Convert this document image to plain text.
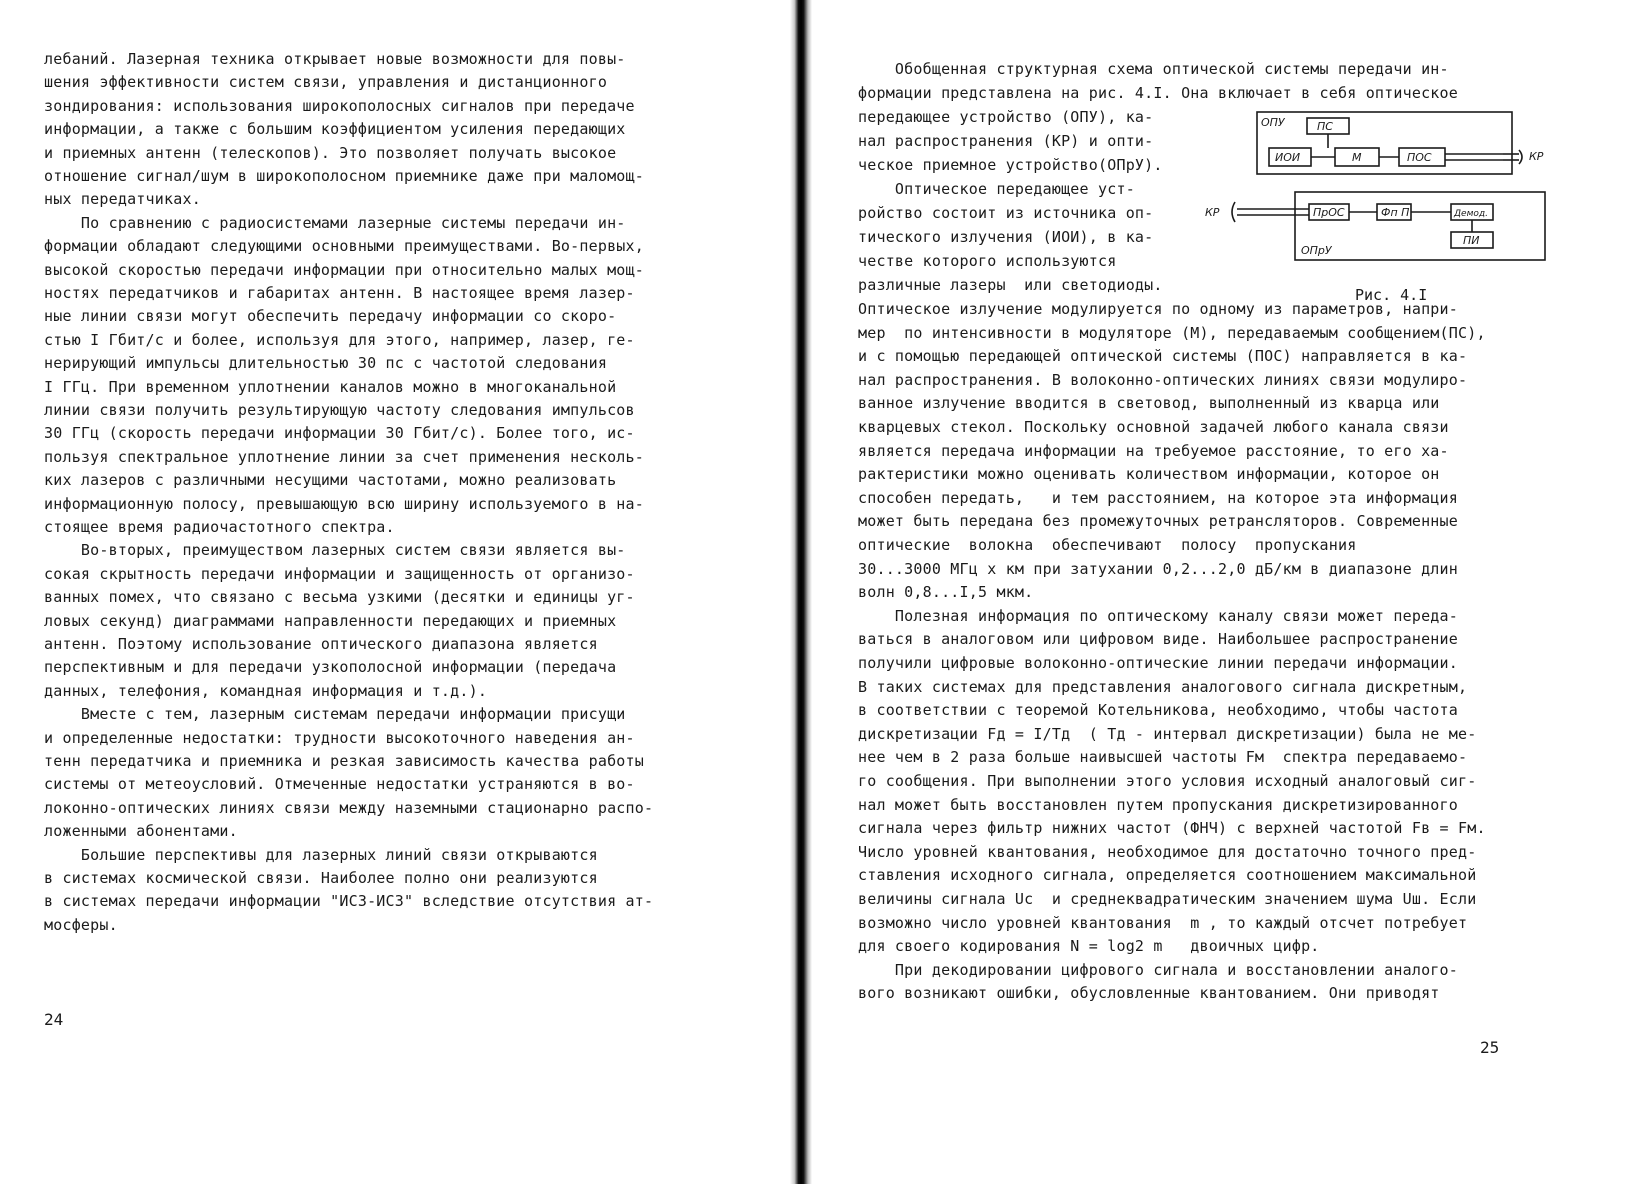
лебаний. Лазерная техника открывает новые возможности для повы-
шения эффективности систем связи, управления и дистанционного
зондирования: использования широкополосных сигналов при передаче
информации, а также с большим коэффициентом усиления передающих
и приемных антенн (телескопов). Это позволяет получать высокое
отношение сигнал/шум в широкополосном приемнике даже при маломощ-
ных передатчиках.
По сравнению с радиосистемами лазерные системы передачи ин-
формации обладают следующими основными преимуществами. Во-первых,
высокой скоростью передачи информации при относительно малых мощ-
ностях передатчиков и габаритах антенн. В настоящее время лазер-
ные линии связи могут обеспечить передачу информации со скоро-
стью I Гбит/с и более, используя для этого, например, лазер, ге-
нерирующий импульсы длительностью 30 пс с частотой следования
I ГГц. При временном уплотнении каналов можно в многоканальной
линии связи получить результирующую частоту следования импульсов
30 ГГц (скорость передачи информации 30 Гбит/с). Более того, ис-
пользуя спектральное уплотнение линии за счет применения несколь-
ких лазеров с различными несущими частотами, можно реализовать
информационную полосу, превышающую всю ширину используемого в на-
стоящее время радиочастотного спектра.
Во-вторых, преимуществом лазерных систем связи является вы-
сокая скрытность передачи информации и защищенность от организо-
ванных помех, что связано с весьма узкими (десятки и единицы уг-
ловых секунд) диаграммами направленности передающих и приемных
антенн. Поэтому использование оптического диапазона является
перспективным и для передачи узкополосной информации (передача
данных, телефония, командная информация и т.д.).
Вместе с тем, лазерным системам передачи информации присущи
и определенные недостатки: трудности высокоточного наведения ан-
тенн передатчика и приемника и резкая зависимость качества работы
системы от метеоусловий. Отмеченные недостатки устраняются в во-
локонно-оптических линиях связи между наземными стационарно распо-
ложенными абонентами.
Большие перспективы для лазерных линий связи открываются
в системах космической связи. Наиболее полно они реализуются
в системах передачи информации "ИСЗ-ИСЗ" вследствие отсутствия ат-
мосферы.
24
Обобщенная структурная схема оптической системы передачи ин-
формации представлена на рис. 4.I. Она включает в себя оптическое
передающее устройство (ОПУ), ка-
нал распространения (КР) и опти-
ческое приемное устройство(ОПрУ).
Оптическое передающее уст-
ройство состоит из источника оп-
тического излучения (ИОИ), в ка-
честве которого используются
различные лазеры  или светодиоды.
Оптическое излучение модулируется по одному из параметров, напри-
мер  по интенсивности в модуляторе (М), передаваемым сообщением(ПС),
и с помощью передающей оптической системы (ПОС) направляется в ка-
нал распространения. В волоконно-оптических линиях связи модулиро-
ванное излучение вводится в световод, выполненный из кварца или
кварцевых стекол. Поскольку основной задачей любого канала связи
является передача информации на требуемое расстояние, то его ха-
рактеристики можно оценивать количеством информации, которое он
способен передать,   и тем расстоянием, на которое эта информация
может быть передана без промежуточных ретрансляторов. Современные
оптические  волокна  обеспечивают  полосу  пропускания
30...3000 МГц х км при затухании 0,2...2,0 дБ/км в диапазоне длин
волн 0,8...I,5 мкм.
Полезная информация по оптическому каналу связи может переда-
ваться в аналоговом или цифровом виде. Наибольшее распространение
получили цифровые волоконно-оптические линии передачи информации.
В таких системах для представления аналогового сигнала дискретным,
в соответствии с теоремой Котельникова, необходимо, чтобы частота
дискретизации Fд = I/Tд  ( Tд - интервал дискретизации) была не ме-
нее чем в 2 раза больше наивысшей частоты Fм  спектра передаваемо-
го сообщения. При выполнении этого условия исходный аналоговый сиг-
нал может быть восстановлен путем пропускания дискретизированного
сигнала через фильтр нижних частот (ФНЧ) с верхней частотой Fв = Fм.
Число уровней квантования, необходимое для достаточно точного пред-
ставления исходного сигнала, определяется соотношением максимальной
величины сигнала Uc  и среднеквадратическим значением шума Uш. Если
возможно число уровней квантования  m , то каждый отсчет потребует
для своего кодирования N = log2 m   двоичных цифр.
При декодировании цифрового сигнала и восстановлении аналого-
вого возникают ошибки, обусловленные квантованием. Они приводят
ОПУ	ПС
ИОИ	М	ПОС	КР
КР	ПрОС	Фп П	Демод.
ПИ
ОПрУ
Рис. 4.I
25
